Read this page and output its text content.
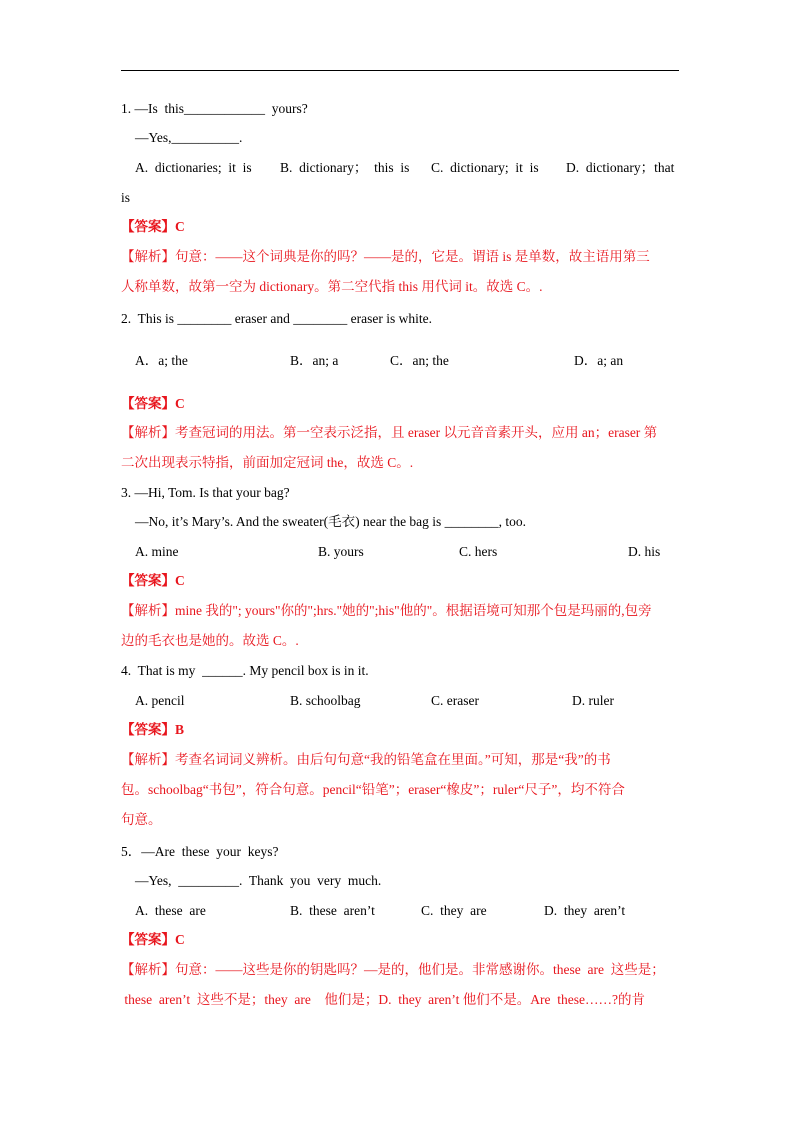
1. —Is  this____________  yours?
—Yes,__________.
A.  dictionaries;  it  is B.  dictionary；  this  is C.  dictionary;  it  is D.  dictionary；that
is
【答案】C
【解析】句意：——这个词典是你的吗？——是的，它是。谓语 is 是单数，故主语用第三
人称单数，故第一空为 dictionary。第二空代指 this 用代词 it。故选 C。.
2.  This is ________ eraser and ________ eraser is white.
A．a; the	B．an; a	C．an; the	D．a; an
【答案】C
【解析】考查冠词的用法。第一空表示泛指，且 eraser 以元音音素开头，应用 an；eraser 第
二次出现表示特指，前面加定冠词 the，故选 C。.
3. —Hi, Tom. Is that your bag?
—No, it’s Mary’s. And the sweater(毛衣) near the bag is ________, too.
A. mine	B. yours	C. hers	D. his
【答案】C
【解析】mine 我的"; yours"你的";hrs."她的";his"他的"。根据语境可知那个包是玛丽的,包旁
边的毛衣也是她的。故选 C。.
4.  That is my  ______. My pencil box is in it.
A. pencil	B. schoolbag	C. eraser	D. ruler
【答案】B
【解析】考查名词词义辨析。由后句句意“我的铅笔盒在里面。”可知，那是“我”的书
包。schoolbag“书包”，符合句意。pencil“铅笔”；eraser“橡皮”；ruler“尺子”，均不符合
句意。
5．—Are  these  your  keys?
—Yes,  _________.  Thank  you  very  much.
A.  these  are	B.  these  aren’t	C.  they  are	D.  they  aren’t
【答案】C
【解析】句意：——这些是你的钥匙吗？—是的，他们是。非常感谢你。these  are  这些是；
these  aren’t  这些不是；they  are    他们是；D.  they  aren’t 他们不是。Are  these……?的肯
